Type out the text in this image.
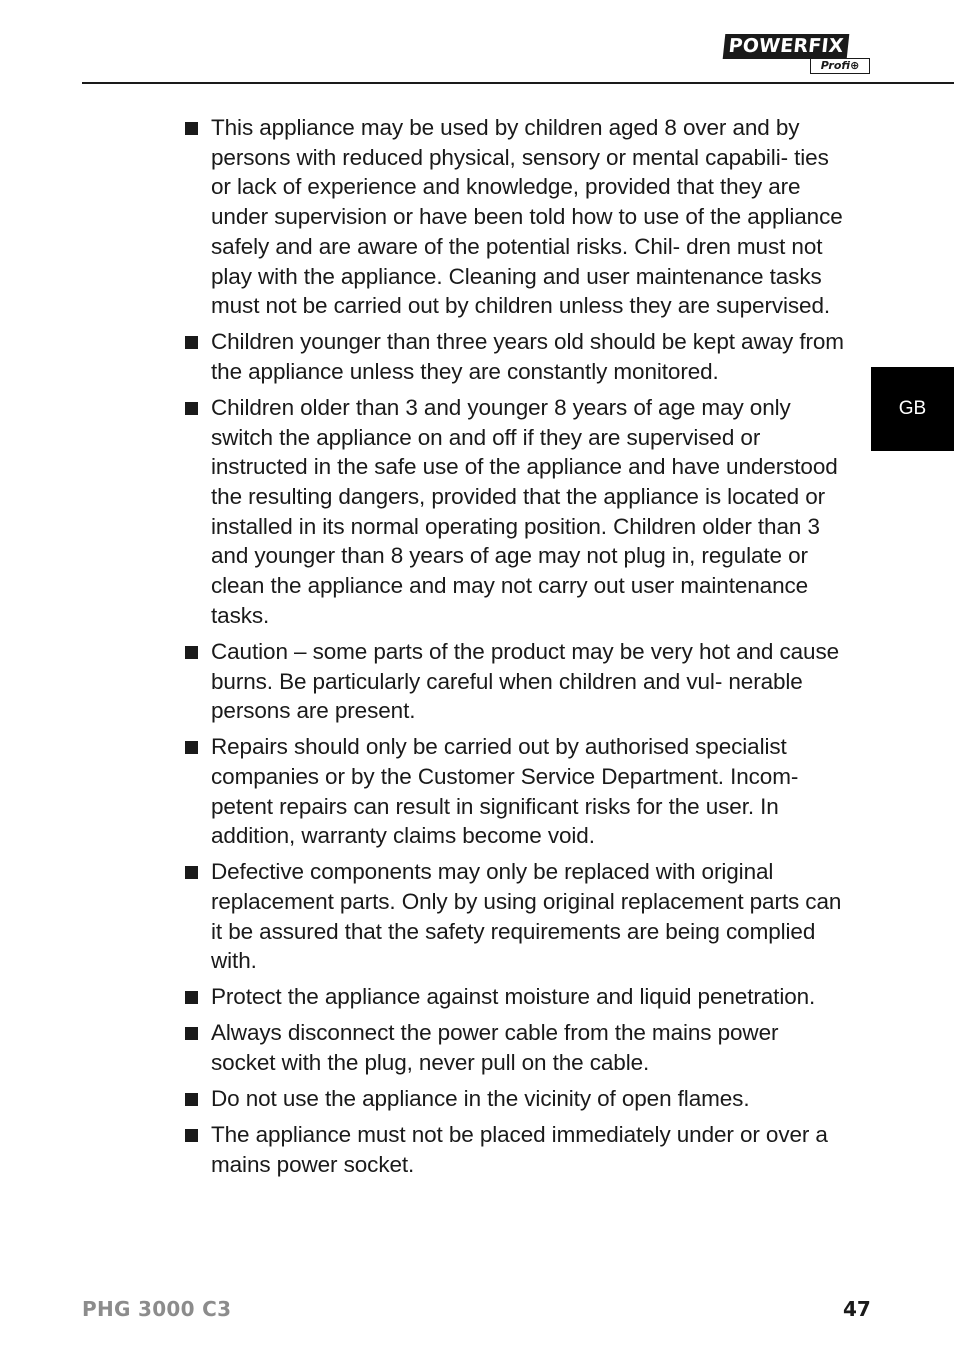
POWERFIX
Profi⊕
GB
This appliance may be used by children aged 8 over and by persons with reduced physical, sensory or mental capabili- ties or lack of experience and knowledge, provided that they are under supervision or have been told how to use of the appliance safely and are aware of the potential risks. Chil- dren must not play with the appliance. Cleaning and user maintenance tasks must not be carried out by children unless they are supervised.
Children younger than three years old should be kept away from the appliance unless they are constantly monitored.
Children older than 3 and younger 8 years of age may only switch the appliance on and off if they are supervised or instructed in the safe use of the appliance and have understood the resulting dangers, provided that the appliance is located or installed in its normal operating position. Children older than 3 and younger than 8 years of age may not plug in, regulate or clean the appliance and may not carry out user maintenance tasks.
Caution – some parts of the product may be very hot and cause burns. Be particularly careful when children and vul- nerable persons are present.
Repairs should only be carried out by authorised specialist companies or by the Customer Service Department. Incom- petent repairs can result in significant risks for the user. In addition, warranty claims become void.
Defective components may only be replaced with original replacement parts. Only by using original replacement parts can it be assured that the safety requirements are being complied with.
Protect the appliance against moisture and liquid penetration.
Always disconnect the power cable from the mains power socket with the plug, never pull on the cable.
Do not use the appliance in the vicinity of open flames.
The appliance must not be placed immediately under or over a mains power socket.
PHG 3000 C3	47
